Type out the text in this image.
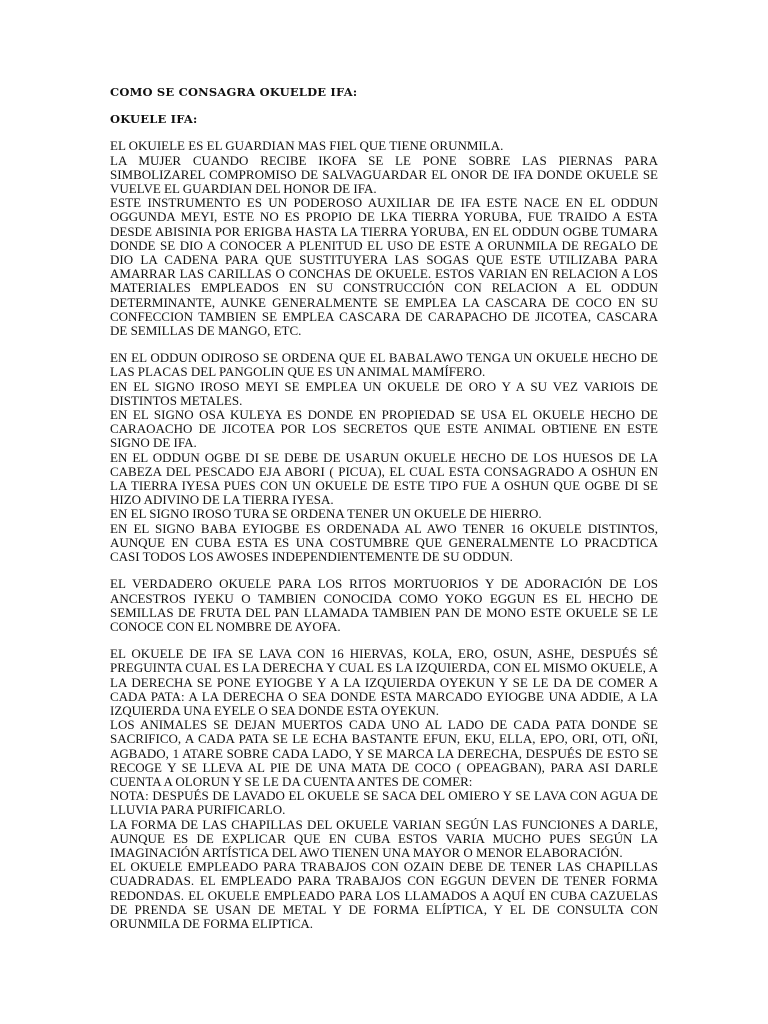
COMO SE CONSAGRA OKUELDE IFA:

OKUELE IFA:

EL OKUIELE ES EL GUARDIAN MAS FIEL QUE TIENE ORUNMILA.

LA MUJER CUANDO RECIBE IKOFA SE LE PONE SOBRE LAS PIERNAS PARA SIMBOLIZAREL COMPROMISO DE SALVAGUARDAR EL ONOR DE IFA DONDE OKUELE SE VUELVE EL GUARDIAN DEL HONOR DE IFA.

ESTE INSTRUMENTO ES UN PODEROSO AUXILIAR DE IFA ESTE NACE EN EL ODDUN OGGUNDA MEYI, ESTE NO ES PROPIO DE LKA TIERRA YORUBA, FUE TRAIDO A ESTA DESDE ABISINIA POR ERIGBA HASTA LA TIERRA YORUBA, EN EL ODDUN OGBE TUMARA DONDE SE DIO A CONOCER A PLENITUD EL USO DE ESTE A ORUNMILA DE REGALO DE DIO LA CADENA PARA QUE SUSTITUYERA LAS SOGAS QUE ESTE UTILIZABA PARA AMARRAR LAS CARILLAS O CONCHAS DE OKUELE. ESTOS VARIAN EN RELACION A LOS MATERIALES EMPLEADOS EN SU CONSTRUCCIÓN CON RELACION A EL ODDUN DETERMINANTE, AUNKE GENERALMENTE SE EMPLEA LA CASCARA DE COCO EN SU CONFECCION TAMBIEN SE EMPLEA CASCARA DE CARAPACHO DE JICOTEA, CASCARA DE SEMILLAS DE MANGO, ETC.

EN EL ODDUN ODIROSO SE ORDENA QUE EL BABALAWO TENGA UN OKUELE HECHO DE LAS PLACAS DEL PANGOLIN QUE ES UN ANIMAL MAMÍFERO.

EN EL SIGNO IROSO MEYI SE EMPLEA UN OKUELE DE ORO Y A SU VEZ VARIOIS DE DISTINTOS METALES.

EN EL SIGNO OSA KULEYA ES DONDE EN PROPIEDAD SE USA EL OKUELE HECHO DE CARAOACHO DE JICOTEA POR LOS SECRETOS QUE ESTE ANIMAL OBTIENE EN ESTE SIGNO DE IFA.

EN EL ODDUN OGBE DI SE DEBE DE USARUN OKUELE HECHO DE LOS HUESOS DE LA CABEZA DEL PESCADO EJA ABORI ( PICUA), EL CUAL ESTA CONSAGRADO A OSHUN EN LA TIERRA IYESA PUES CON UN OKUELE DE ESTE TIPO FUE A OSHUN QUE OGBE DI SE HIZO ADIVINO DE LA TIERRA IYESA.

EN EL SIGNO IROSO TURA SE ORDENA TENER UN OKUELE DE HIERRO.

EN EL SIGNO BABA EYIOGBE ES ORDENADA AL AWO TENER 16 OKUELE DISTINTOS, AUNQUE EN CUBA ESTA ES UNA COSTUMBRE QUE GENERALMENTE LO PRACDTICA CASI TODOS LOS AWOSES INDEPENDIENTEMENTE DE SU ODDUN.

EL VERDADERO OKUELE PARA LOS RITOS MORTUORIOS Y DE ADORACIÓN DE LOS ANCESTROS IYEKU O TAMBIEN CONOCIDA COMO YOKO EGGUN ES EL HECHO DE SEMILLAS DE FRUTA DEL PAN LLAMADA TAMBIEN PAN DE MONO ESTE OKUELE SE LE CONOCE CON EL NOMBRE DE AYOFA.

EL OKUELE DE IFA SE LAVA CON 16 HIERVAS, KOLA, ERO, OSUN, ASHE, DESPUÉS SÉ PREGUINTA CUAL ES LA DERECHA Y CUAL ES LA IZQUIERDA, CON EL MISMO OKUELE, A LA DERECHA SE PONE EYIOGBE Y A LA IZQUIERDA OYEKUN Y SE LE DA DE COMER A CADA PATA: A LA DERECHA O SEA DONDE ESTA MARCADO EYIOGBE UNA ADDIE, A LA IZQUIERDA UNA EYELE O SEA DONDE ESTA OYEKUN.

LOS ANIMALES SE DEJAN MUERTOS CADA UNO AL LADO DE CADA PATA DONDE SE SACRIFICO, A CADA PATA SE LE ECHA BASTANTE EFUN, EKU, ELLA, EPO, ORI, OTI, OÑI, AGBADO, 1 ATARE SOBRE CADA LADO, Y SE MARCA LA DERECHA, DESPUÉS DE ESTO SE RECOGE Y SE LLEVA AL PIE DE UNA MATA DE COCO ( OPEAGBAN), PARA ASI DARLE CUENTA A OLORUN Y SE LE DA CUENTA ANTES DE COMER:

NOTA: DESPUÉS DE LAVADO EL OKUELE SE SACA DEL OMIERO Y SE LAVA CON AGUA DE LLUVIA PARA PURIFICARLO.

LA FORMA DE LAS CHAPILLAS DEL OKUELE VARIAN SEGÚN LAS FUNCIONES A DARLE, AUNQUE ES DE EXPLICAR QUE EN CUBA ESTOS VARIA MUCHO PUES SEGÚN LA IMAGINACIÓN ARTÍSTICA DEL AWO TIENEN UNA MAYOR O MENOR ELABORACIÓN.

EL OKUELE EMPLEADO PARA TRABAJOS CON OZAIN DEBE DE TENER LAS CHAPILLAS CUADRADAS. EL EMPLEADO PARA TRABAJOS CON EGGUN DEVEN DE TENER FORMA REDONDAS. EL OKUELE EMPLEADO PARA LOS LLAMADOS A AQUÍ EN CUBA CAZUELAS DE PRENDA SE USAN DE METAL Y DE FORMA ELÍPTICA, Y EL DE CONSULTA CON ORUNMILA DE FORMA ELIPTICA.
